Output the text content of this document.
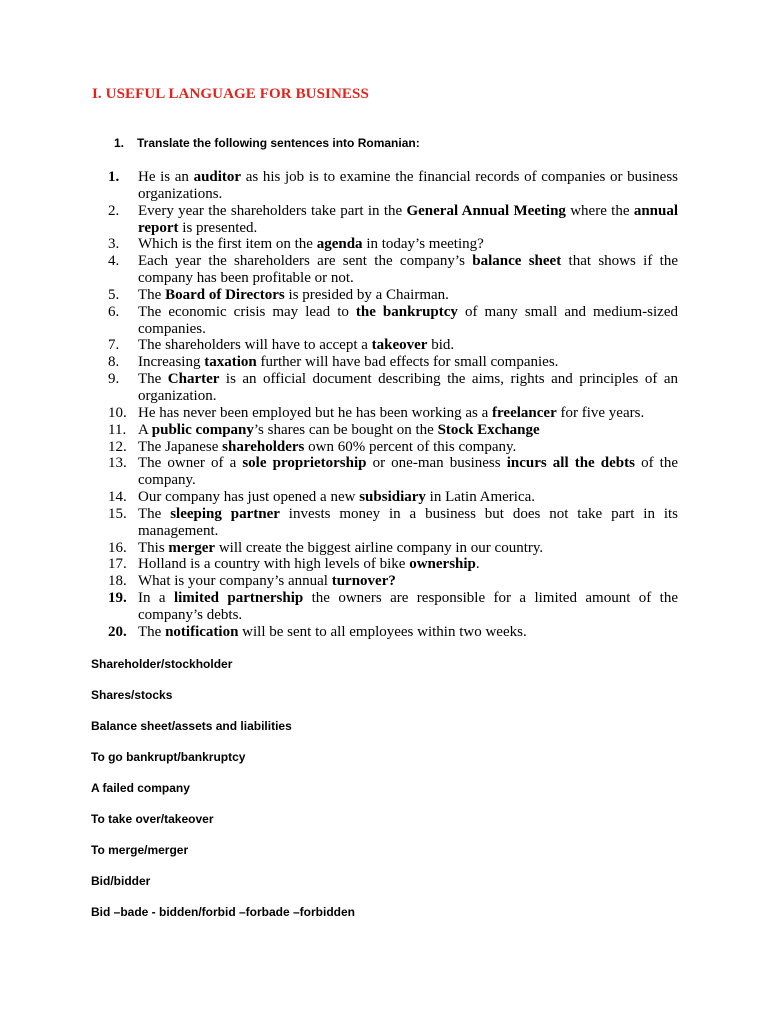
I. USEFUL LANGUAGE FOR BUSINESS
1. Translate the following sentences into Romanian:
1.	He is an auditor as his job is to examine the financial records of companies or business organizations.
2.	Every year the shareholders take part in the General Annual Meeting where the annual report is presented.
3.	Which is the first item on the agenda in today’s meeting?
4.	Each year the shareholders are sent the company’s balance sheet that shows if the company has been profitable or not.
5.	The Board of Directors is presided by a Chairman.
6.	The economic crisis may lead to the bankruptcy of many small and medium-sized companies.
7.	The shareholders will have to accept a takeover bid.
8.	Increasing taxation further will have bad effects for small companies.
9.	The Charter is an official document describing the aims, rights and principles of an organization.
10. He has never been employed but he has been working as a freelancer for five years.
11. A public company’s shares can be bought on the Stock Exchange
12. The Japanese shareholders own 60% percent of this company.
13. The owner of a sole proprietorship or one-man business incurs all the debts of the company.
14. Our company has just opened a new subsidiary in Latin America.
15. The sleeping partner invests money in a business but does not take part in its management.
16. This merger will create the biggest airline company in our country.
17. Holland is a country with high levels of bike ownership.
18. What is your company’s annual turnover?
19. In a limited partnership the owners are responsible for a limited amount of the company’s debts.
20. The notification will be sent to all employees within two weeks.
Shareholder/stockholder
Shares/stocks
Balance sheet/assets and liabilities
To go bankrupt/bankruptcy
A failed company
To take over/takeover
To merge/merger
Bid/bidder
Bid –bade - bidden/forbid –forbade –forbidden
